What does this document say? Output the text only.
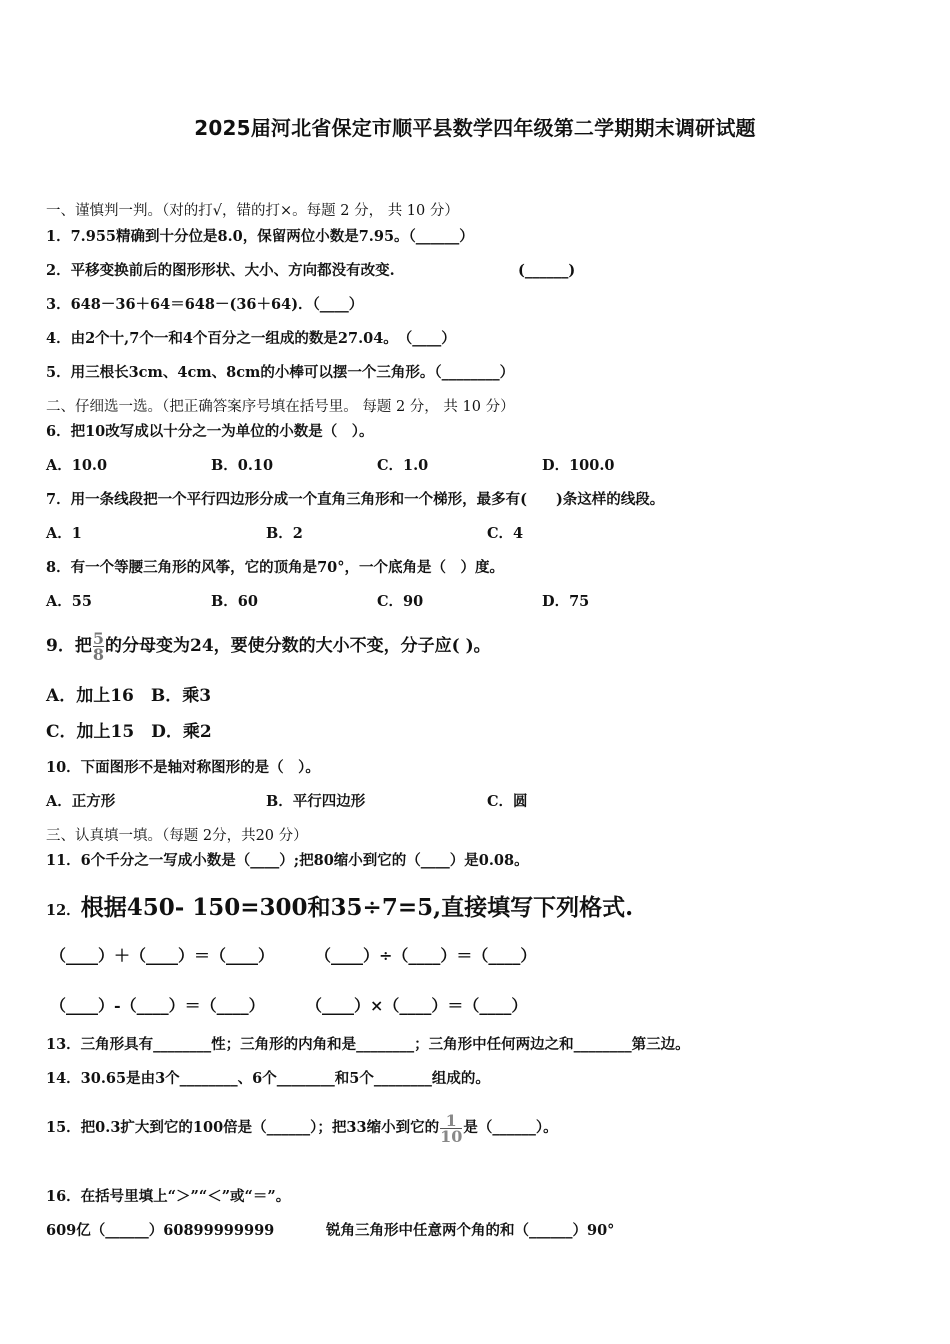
2025届河北省保定市顺平县数学四年级第二学期期末调研试题
一、谨慎判一判。（对的打√，错的打×。每题 2 分， 共 10 分）
1．7.955精确到十分位是8.0，保留两位小数是7.95。（______）
2．平移变换前后的图形形状、大小、方向都没有改变.	(______)
3．648－36＋64＝648－(36＋64)．（____）
4．由2个十,7个一和4个百分之一组成的数是27.04。　（____）
5．用三根长3cm、4cm、8cm的小棒可以摆一个三角形。（________）
二、仔细选一选。（把正确答案序号填在括号里。 每题 2 分， 共 10 分）
6．把10改写成以十分之一为单位的小数是（　）。
A．10.0	B．0.10	C．1.0	D．100.0
7．用一条线段把一个平行四边形分成一个直角三角形和一个梯形，最多有(　　)条这样的线段。
A．1	B．2	C．4
8．有一个等腰三角形的风筝，它的顶角是70°，一个底角是（　）度。
A．55	B．60	C．90	D．75
9．把 $\frac{5}{8}$ 的分母变为24，要使分数的大小不变，分子应( )。
A．加上16　B．乘3
C．加上15　D．乘2
10．下面图形不是轴对称图形的是（　）。
A．正方形	B．平行四边形	C．圆
三、认真填一填。（每题 2分，共20 分）
11．6个千分之一写成小数是（____）;把80缩小到它的（____）是0.08。
12．根据450- 150=300和35÷7=5,直接填写下列格式.
（____）＋（____）＝（____）	（____）÷（____）＝（____）
（____）-（____）＝（____）	（____）×（____）＝（____）
13．三角形具有________性；三角形的内角和是________；三角形中任何两边之和________第三边。
14．30.65是由3个________、6个________和5个________组成的。
15．把0.3扩大到它的100倍是（______）；把33缩小到它的 $\frac{1}{10}$ 是（______）。
16．在括号里填上“＞”“＜”或“＝”。
609亿（______）60899999999	锐角三角形中任意两个角的和（______）90°
